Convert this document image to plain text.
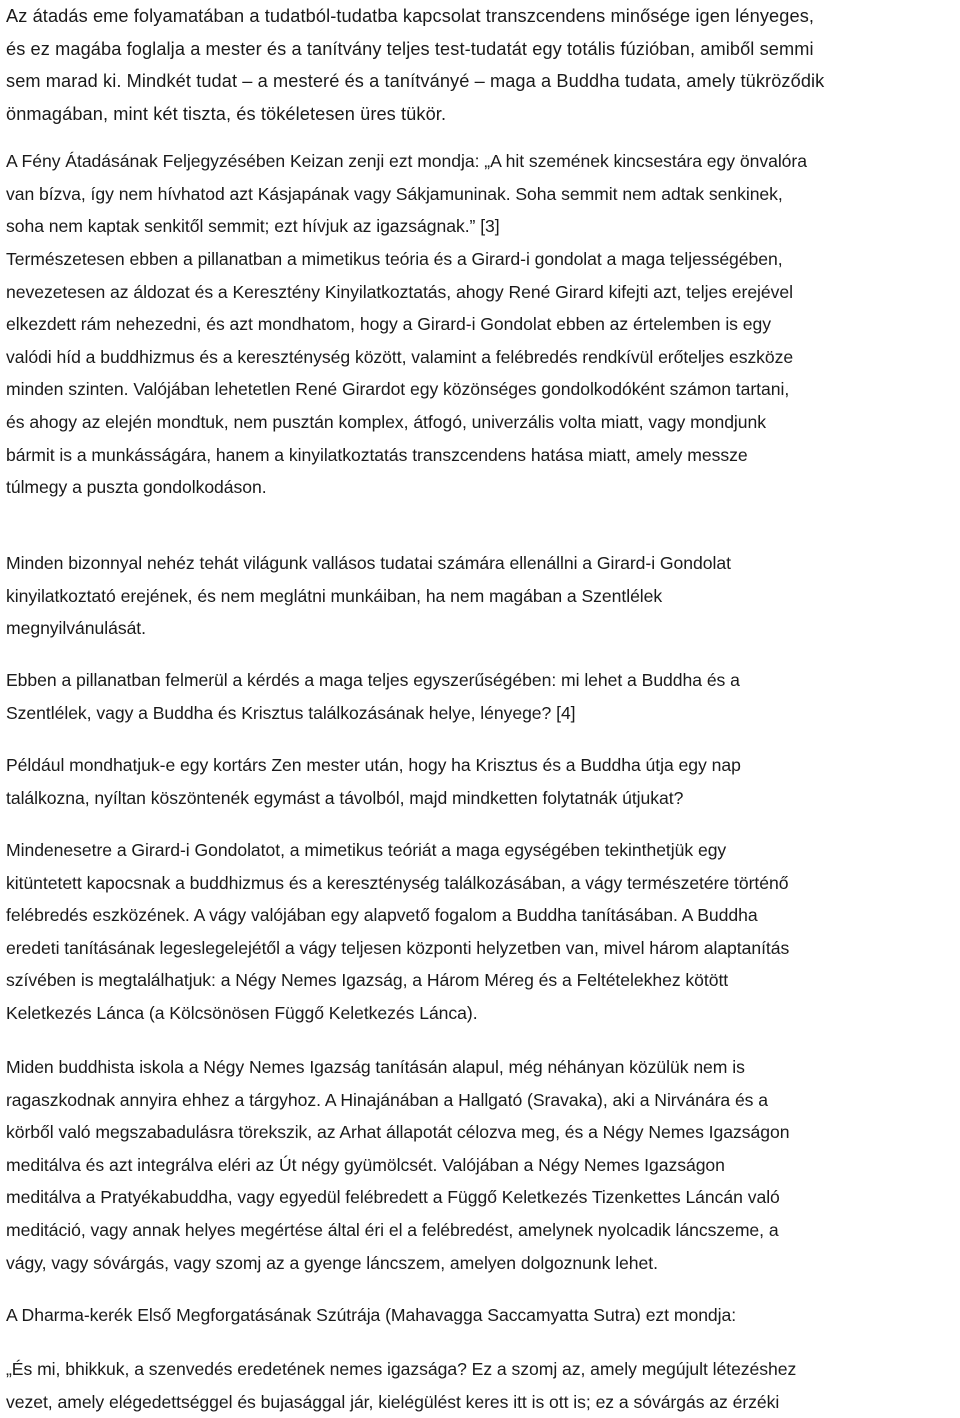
Az átadás eme folyamatában a tudatból-tudatba kapcsolat transzcendens minősége igen lényeges,
és ez magába foglalja a mester és a tanítvány teljes test-tudatát egy totális fúzióban, amiből semmi
sem marad ki. Mindkét tudat – a mesteré és a tanítványé – maga a Buddha tudata, amely tükröződik
önmagában, mint két tiszta, és tökéletesen üres tükör.
A Fény Átadásának Feljegyzésében Keizan zenji ezt mondja: „A hit szemének kincsestára egy önvalóra
van bízva, így nem hívhatod azt Kásjapának vagy Sákjamuninak. Soha semmit nem adtak senkinek,
soha nem kaptak senkitől semmit; ezt hívjuk az igazságnak.” [3]
Természetesen ebben a pillanatban a mimetikus teória és a Girard-i gondolat a maga teljességében,
nevezetesen az áldozat és a Keresztény Kinyilatkoztatás, ahogy René Girard kifejti azt, teljes erejével
elkezdett rám nehezedni, és azt mondhatom, hogy a Girard-i Gondolat ebben az értelemben is egy
valódi híd a buddhizmus és a kereszténység között, valamint a felébredés rendkívül erőteljes eszköze
minden szinten. Valójában lehetetlen René Girardot egy közönséges gondolkodóként számon tartani,
és ahogy az elején mondtuk, nem pusztán komplex, átfogó, univerzális volta miatt, vagy mondjunk
bármit is a munkásságára, hanem a kinyilatkoztatás transzcendens hatása miatt, amely messze
túlmegy a puszta gondolkodáson.
Minden bizonnyal nehéz tehát világunk vallásos tudatai számára ellenállni a Girard-i Gondolat
kinyilatkoztató erejének, és nem meglátni munkáiban, ha nem magában a Szentlélek
megnyilvánulását.
Ebben a pillanatban felmerül a kérdés a maga teljes egyszerűségében: mi lehet a Buddha és a
Szentlélek, vagy a Buddha és Krisztus találkozásának helye, lényege? [4]
Például mondhatjuk-e egy kortárs Zen mester után, hogy ha Krisztus és a Buddha útja egy nap
találkozna, nyíltan köszöntenék egymást a távolból, majd mindketten folytatnák útjukat?
Mindenesetre a Girard-i Gondolatot, a mimetikus teóriát a maga egységében tekinthetjük egy
kitüntetett kapocsnak a buddhizmus és a kereszténység találkozásában, a vágy természetére történő
felébredés eszközének. A vágy valójában egy alapvető fogalom a Buddha tanításában. A Buddha
eredeti tanításának legeslegelejétől a vágy teljesen központi helyzetben van, mivel három alaptanítás
szívében is megtalálhatjuk: a Négy Nemes Igazság, a Három Méreg és a Feltételekhez kötött
Keletkezés Lánca (a Kölcsönösen Függő Keletkezés Lánca).
Miden buddhista iskola a Négy Nemes Igazság tanításán alapul, még néhányan közülük nem is
ragaszkodnak annyira ehhez a tárgyhoz. A Hinajánában a Hallgató (Sravaka), aki a Nirvánára és a
körből való megszabadulásra törekszik, az Arhat állapotát célozva meg, és a Négy Nemes Igazságon
meditálva és azt integrálva eléri az Út négy gyümölcsét. Valójában a Négy Nemes Igazságon
meditálva a Pratyékabuddha, vagy egyedül felébredett a Függő Keletkezés Tizenkettes Láncán való
meditáció, vagy annak helyes megértése által éri el a felébredést, amelynek nyolcadik láncszeme, a
vágy, vagy sóvárgás, vagy szomj az a gyenge láncszem, amelyen dolgoznunk lehet.
A Dharma-kerék Első Megforgatásának Szútrája (Mahavagga Saccamyatta Sutra) ezt mondja:
„És mi, bhikkuk, a szenvedés eredetének nemes igazsága? Ez a szomj az, amely megújult létezéshez
vezet, amely elégedettséggel és bujasággal jár, kielégülést keres itt is ott is; ez a sóvárgás az érzéki
